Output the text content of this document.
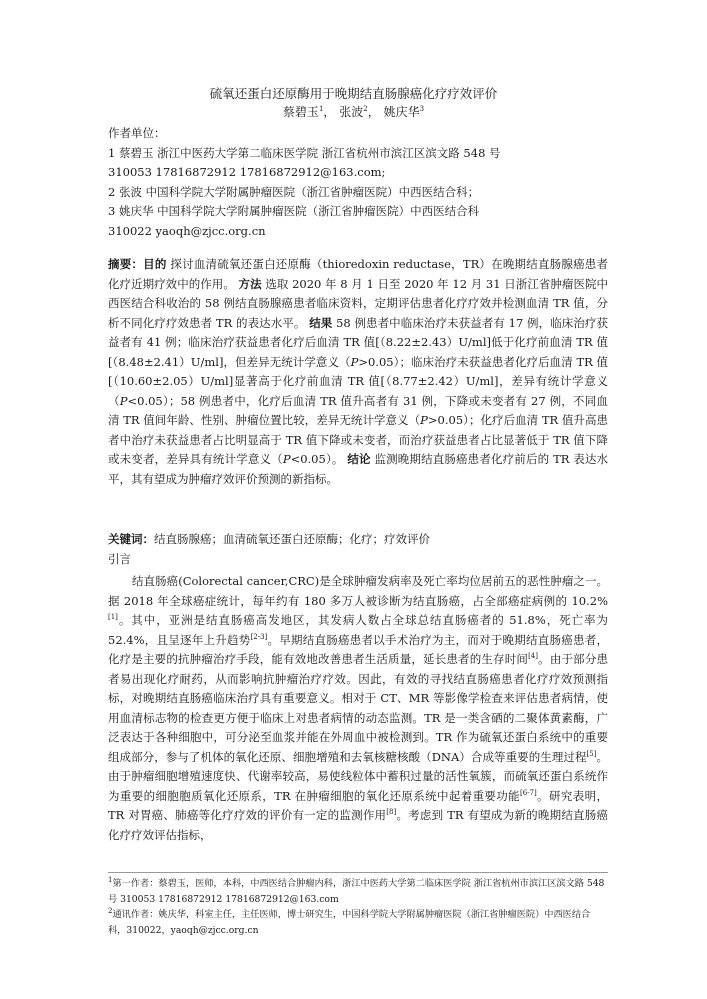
硫氧还蛋白还原酶用于晚期结直肠腺癌化疗疗效评价
蔡碧玉$^1$， 张波$^2$， 姚庆华$^3$

作者单位：

1 蔡碧玉 浙江中医药大学第二临床医学院 浙江省杭州市滨江区滨文路 548 号

310053 17816872912 17816872912@163.com;

2 张波 中国科学院大学附属肿瘤医院（浙江省肿瘤医院）中西医结合科；

3 姚庆华 中国科学院大学附属肿瘤医院（浙江省肿瘤医院）中西医结合科

310022 yaoqh@zjcc.org.cn

摘要：目的 探讨血清硫氧还蛋白还原酶（thioredoxin reductase，TR）在晚期结直肠腺癌患者化疗近期疗效中的作用。 方法 选取 2020 年 8 月 1 日至 2020 年 12 月 31 日浙江省肿瘤医院中西医结合科收治的 58 例结直肠腺癌患者临床资料，定期评估患者化疗疗效并检测血清 TR 值，分析不同化疗疗效患者 TR 的表达水平。 结果 58 例患者中临床治疗未获益者有 17 例，临床治疗获益者有 41 例；临床治疗获益患者化疗后血清 TR 值[（8.22±2.43）U/ml]低于化疗前血清 TR 值[（8.48±2.41）U/ml]，但差异无统计学意义（P>0.05）；临床治疗未获益患者化疗后血清 TR 值[（10.60±2.05）U/ml]显著高于化疗前血清 TR 值[（8.77±2.42）U/ml]，差异有统计学意义（P<0.05）；58 例患者中，化疗后血清 TR 值升高者有 31 例，下降或未变者有 27 例，不同血清 TR 值间年龄、性别、肿瘤位置比较，差异无统计学意义（P>0.05）；化疗后血清 TR 值升高患者中治疗未获益患者占比明显高于 TR 值下降或未变者，而治疗获益患者占比显著低于 TR 值下降或未变者，差异具有统计学意义（P<0.05）。 结论 监测晚期结直肠癌患者化疗前后的 TR 表达水平，其有望成为肿瘤疗效评价预测的新指标。

关键词：结直肠腺癌；血清硫氧还蛋白还原酶；化疗；疗效评价

引言

结直肠癌(Colorectal cancer,CRC)是全球肿瘤发病率及死亡率均位居前五的恶性肿瘤之一。据 2018 年全球癌症统计，每年约有 180 多万人被诊断为结直肠癌，占全部癌症病例的 10.2%[1]。其中，亚洲是结直肠癌高发地区，其发病人数占全球总结直肠癌者的 51.8%，死亡率为 52.4%，且呈逐年上升趋势[2-3]。早期结直肠癌患者以手术治疗为主，而对于晚期结直肠癌患者，化疗是主要的抗肿瘤治疗手段，能有效地改善患者生活质量，延长患者的生存时间[4]。由于部分患者易出现化疗耐药，从而影响抗肿瘤治疗疗效。因此，有效的寻找结直肠癌患者化疗疗效预测指标，对晚期结直肠癌临床治疗具有重要意义。相对于 CT、MR 等影像学检查来评估患者病情，使用血清标志物的检查更方便于临床上对患者病情的动态监测。TR 是一类含硒的二聚体黄素酶，广泛表达于各种细胞中，可分泌至血浆并能在外周血中被检测到。TR 作为硫氧还蛋白系统中的重要组成部分，参与了机体的氧化还原、细胞增殖和去氧核糖核酸（DNA）合成等重要的生理过程[5]。由于肿瘤细胞增殖速度快、代谢率较高，易使线粒体中蓄积过量的活性氧簇，而硫氧还蛋白系统作为重要的细胞胞质氧化还原系，TR 在肿瘤细胞的氧化还原系统中起着重要功能[6-7]。研究表明，TR 对胃癌、肺癌等化疗疗效的评价有一定的监测作用[8]。考虑到 TR 有望成为新的晚期结直肠癌化疗疗效评估指标，

$^1$第一作者：蔡碧玉，医师，本科，中西医结合肿瘤内科，浙江中医药大学第二临床医学院 浙江省杭州市滨江区滨文路 548 号 310053 17816872912 17816872912@163.com

$^2$通讯作者：姚庆华，科室主任，主任医师，博士研究生，中国科学院大学附属肿瘤医院（浙江省肿瘤医院）中西医结合科，310022，yaoqh@zjcc.org.cn
